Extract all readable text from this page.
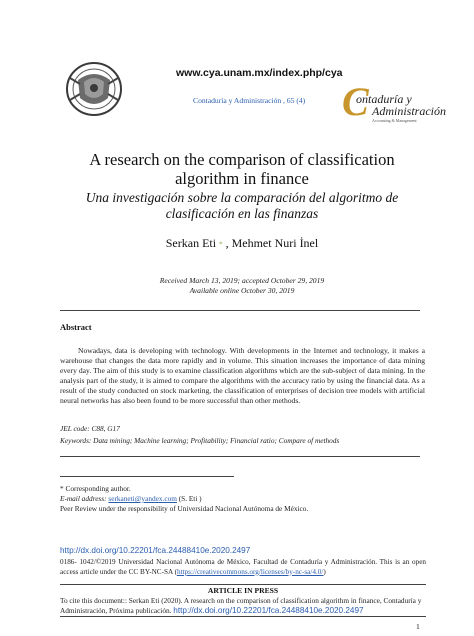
www.cya.unam.mx/index.php/cya
Contaduría y Administración , 65 (4) C
ontaduría y
Administración
Accounting & Management
A research on the comparison of classification algorithm in finance
Una investigación sobre la comparación del algoritmo de clasificación en las finanzas
Serkan Eti * , Mehmet Nuri İnel
Received March 13, 2019; accepted October 29, 2019
Available online October 30, 2019
Abstract
Nowadays, data is developing with technology. With developments in the Internet and technology, it makes a warehouse that changes the data more rapidly and in volume. This situation increases the importance of data mining every day. The aim of this study is to examine classification algorithms which are the sub-subject of data mining. In the analysis part of the study, it is aimed to compare the algorithms with the accuracy ratio by using the financial data. As a result of the study conducted on stock marketing, the classification of enterprises of decision tree models with artificial neural networks has also been found to be more successful than other methods.
JEL code: C88, G17
Keywords: Data mining; Machine learning; Profitability; Financial ratio; Compare of methods
* Corresponding author.
E-mail address: serkaneti@yandex.com (S. Eti )
Peer Review under the responsibility of Universidad Nacional Autónoma de México.
http://dx.doi.org/10.22201/fca.24488410e.2020.2497
0186- 1042/©2019 Universidad Nacional Autónoma de México, Facultad de Contaduría y Administración. This is an open access article under the CC BY-NC-SA (https://creativecommons.org/licenses/by-nc-sa/4.0/)
ARTICLE IN PRESS
To cite this document:: Serkan Eti (2020). A research on the comparison of classification algorithm in finance, Contaduría y Administración, Próxima publicación. http://dx.doi.org/10.22201/fca.24488410e.2020.2497
1
